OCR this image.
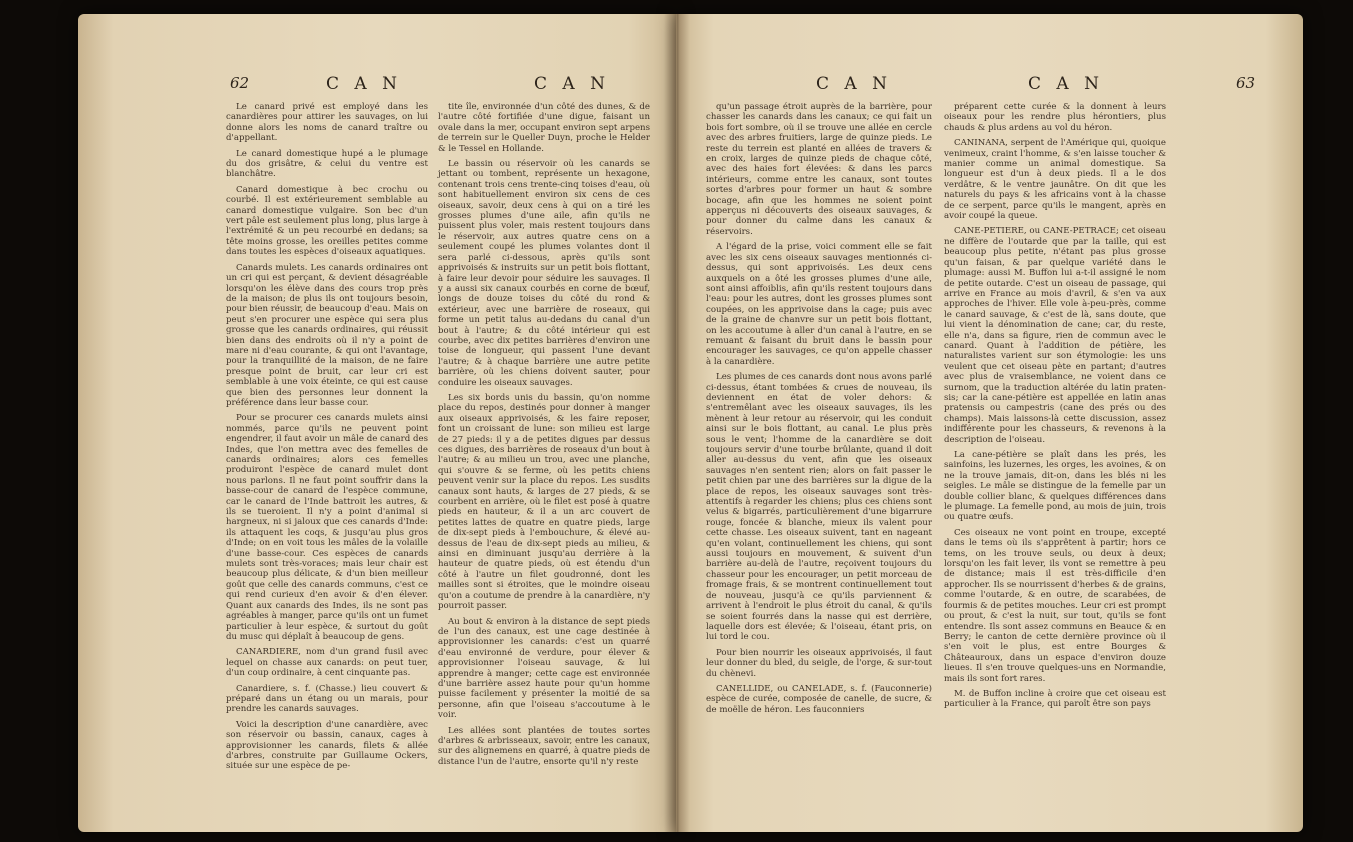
62	C A N	C A N

Le canard privé est employé dans les canardières pour attirer les sauvages, on lui donne alors les noms de canard traître ou d'appellant.

Le canard domestique hupé a le plumage du dos grisâtre, & celui du ventre est blanchâtre.

Canard domestique à bec crochu ou courbé. Il est extérieurement semblable au canard domestique vulgaire. Son bec d'un vert pâle est seulement plus long, plus large à l'extrémité & un peu recourbé en dedans; sa tête moins grosse, les oreilles petites comme dans toutes les espèces d'oiseaux aquatiques.

Canards mulets. Les canards ordinaires ont un cri qui est perçant, & devient désagréable lorsqu'on les élève dans des cours trop près de la maison; de plus ils ont toujours besoin, pour bien réussir, de beaucoup d'eau. Mais on peut s'en procurer une espèce qui sera plus grosse que les canards ordinaires, qui réussit bien dans des endroits où il n'y a point de mare ni d'eau courante, & qui ont l'avantage, pour la tranquillité de la maison, de ne faire presque point de bruit, car leur cri est semblable à une voix éteinte, ce qui est cause que bien des personnes leur donnent la préférence dans leur basse cour.

Pour se procurer ces canards mulets ainsi nommés, parce qu'ils ne peuvent point engendrer, il faut avoir un mâle de canard des Indes, que l'on mettra avec des femelles de canards ordinaires; alors ces femelles produiront l'espèce de canard mulet dont nous parlons. Il ne faut point souffrir dans la basse-cour de canard de l'espèce commune, car le canard de l'Inde battroit les autres, & ils se tueroient. Il n'y a point d'animal si hargneux, ni si jaloux que ces canards d'Inde: ils attaquent les coqs, & jusqu'au plus gros d'Inde; on en voit tous les mâles de la volaille d'une basse-cour. Ces espèces de canards mulets sont très-voraces; mais leur chair est beaucoup plus délicate, & d'un bien meilleur goût que celle des canards communs, c'est ce qui rend curieux d'en avoir & d'en élever. Quant aux canards des Indes, ils ne sont pas agréables à manger, parce qu'ils ont un fumet particulier à leur espèce, & surtout du goût du musc qui déplaît à beaucoup de gens.

CANARDIERE, nom d'un grand fusil avec lequel on chasse aux canards: on peut tuer, d'un coup ordinaire, à cent cinquante pas.

Canardiere, s. f. (Chasse.) lieu couvert & préparé dans un étang ou un marais, pour prendre les canards sauvages.

Voici la description d'une canardière, avec son réservoir ou bassin, canaux, cages à approvisionner les canards, filets & allée d'arbres, construite par Guillaume Ockers, située sur une espèce de pe-

tite île, environnée d'un côté des dunes, & de l'autre côté fortifiée d'une digue, faisant un ovale dans la mer, occupant environ sept arpens de terrein sur le Queller Duyn, proche le Helder & le Tessel en Hollande.

Le bassin ou réservoir où les canards se jettant ou tombent, représente un hexagone, contenant trois cens trente-cinq toises d'eau, où sont habituellement environ six cens de ces oiseaux, savoir, deux cens à qui on a tiré les grosses plumes d'une aile, afin qu'ils ne puissent plus voler, mais restent toujours dans le réservoir, aux autres quatre cens on a seulement coupé les plumes volantes dont il sera parlé ci-dessous, après qu'ils sont apprivoisés & instruits sur un petit bois flottant, à faire leur devoir pour séduire les sauvages. Il y a aussi six canaux courbés en corne de bœuf, longs de douze toises du côté du rond & extérieur, avec une barrière de roseaux, qui forme un petit talus au-dedans du canal d'un bout à l'autre; & du côté intérieur qui est courbe, avec dix petites barrières d'environ une toise de longueur, qui passent l'une devant l'autre; & à chaque barrière une autre petite barrière, où les chiens doivent sauter, pour conduire les oiseaux sauvages.

Les six bords unis du bassin, qu'on nomme place du repos, destinés pour donner à manger aux oiseaux apprivoisés, & les faire reposer, font un croissant de lune: son milieu est large de 27 pieds: il y a de petites digues par dessus ces digues, des barrières de roseaux d'un bout à l'autre; & au milieu un trou, avec une planche, qui s'ouvre & se ferme, où les petits chiens peuvent venir sur la place du repos. Les susdits canaux sont hauts, & larges de 27 pieds, & se courbent en arrière, où le filet est posé à quatre pieds en hauteur, & il a un arc couvert de petites lattes de quatre en quatre pieds, large de dix-sept pieds à l'embouchure, & élevé au-dessus de l'eau de dix-sept pieds au milieu, & ainsi en diminuant jusqu'au derrière à la hauteur de quatre pieds, où est étendu d'un côté à l'autre un filet goudronné, dont les mailles sont si étroites, que le moindre oiseau qu'on a coutume de prendre à la canardière, n'y pourroit passer.

Au bout & environ à la distance de sept pieds de l'un des canaux, est une cage destinée à approvisionner les canards: c'est un quarré d'eau environné de verdure, pour élever & approvisionner l'oiseau sauvage, & lui apprendre à manger; cette cage est environnée d'une barrière assez haute pour qu'un homme puisse facilement y présenter la moitié de sa personne, afin que l'oiseau s'accoutume à le voir.

Les allées sont plantées de toutes sortes d'arbres & arbrisseaux, savoir, entre les canaux, sur des alignemens en quarré, à quatre pieds de distance l'un de l'autre, ensorte qu'il n'y reste

C A N	C A N	63

qu'un passage étroit auprès de la barrière, pour chasser les canards dans les canaux; ce qui fait un bois fort sombre, où il se trouve une allée en cercle avec des arbres fruitiers, large de quinze pieds. Le reste du terrein est planté en allées de travers & en croix, larges de quinze pieds de chaque côté, avec des haies fort élevées: & dans les parcs intérieurs, comme entre les canaux, sont toutes sortes d'arbres pour former un haut & sombre bocage, afin que les hommes ne soient point apperçus ni découverts des oiseaux sauvages, & pour donner du calme dans les canaux & réservoirs.

A l'égard de la prise, voici comment elle se fait avec les six cens oiseaux sauvages mentionnés ci-dessus, qui sont apprivoisés. Les deux cens auxquels on a ôté les grosses plumes d'une aile, sont ainsi affoiblis, afin qu'ils restent toujours dans l'eau: pour les autres, dont les grosses plumes sont coupées, on les apprivoise dans la cage; puis avec de la graine de chanvre sur un petit bois flottant, on les accoutume à aller d'un canal à l'autre, en se remuant & faisant du bruit dans le bassin pour encourager les sauvages, ce qu'on appelle chasser à la canardière.

Les plumes de ces canards dont nous avons parlé ci-dessus, étant tombées & crues de nouveau, ils deviennent en état de voler dehors: & s'entremêlant avec les oiseaux sauvages, ils les mènent à leur retour au réservoir, qui les conduit ainsi sur le bois flottant, au canal. Le plus près sous le vent; l'homme de la canardière se doit toujours servir d'une tourbe brûlante, quand il doit aller au-dessus du vent, afin que les oiseaux sauvages n'en sentent rien; alors on fait passer le petit chien par une des barrières sur la digue de la place de repos, les oiseaux sauvages sont très-attentifs à regarder les chiens; plus ces chiens sont velus & bigarrés, particulièrement d'une bigarrure rouge, foncée & blanche, mieux ils valent pour cette chasse. Les oiseaux suivent, tant en nageant qu'en volant, continuellement les chiens, qui sont aussi toujours en mouvement, & suivent d'un barrière au-delà de l'autre, reçoivent toujours du chasseur pour les encourager, un petit morceau de fromage frais, & se montrent continuellement tout de nouveau, jusqu'à ce qu'ils parviennent & arrivent à l'endroit le plus étroit du canal, & qu'ils se soient fourrés dans la nasse qui est derrière, laquelle dors est élevée; & l'oiseau, étant pris, on lui tord le cou.

Pour bien nourrir les oiseaux apprivoisés, il faut leur donner du bled, du seigle, de l'orge, & sur-tout du chènevi.

CANELLIDE, ou CANELADE, s. f. (Fauconnerie) espèce de curée, composée de canelle, de sucre, & de moëlle de héron. Les fauconniers

préparent cette curée & la donnent à leurs oiseaux pour les rendre plus hérontiers, plus chauds & plus ardens au vol du héron.

CANINANA, serpent de l'Amérique qui, quoique venimeux, craint l'homme, & s'en laisse toucher & manier comme un animal domestique. Sa longueur est d'un à deux pieds. Il a le dos verdâtre, & le ventre jaunâtre. On dit que les naturels du pays & les africains vont à la chasse de ce serpent, parce qu'ils le mangent, après en avoir coupé la queue.

CANE-PETIERE, ou CANE-PETRACE; cet oiseau ne diffère de l'outarde que par la taille, qui est beaucoup plus petite, n'étant pas plus grosse qu'un faisan, & par quelque variété dans le plumage: aussi M. Buffon lui a-t-il assigné le nom de petite outarde. C'est un oiseau de passage, qui arrive en France au mois d'avril, & s'en va aux approches de l'hiver. Elle vole à-peu-près, comme le canard sauvage, & c'est de là, sans doute, que lui vient la dénomination de cane; car, du reste, elle n'a, dans sa figure, rien de commun avec le canard. Quant à l'addition de pétière, les naturalistes varient sur son étymologie: les uns veulent que cet oiseau pète en partant; d'autres avec plus de vraisemblance, ne voient dans ce surnom, que la traduction altérée du latin praten-sis; car la cane-pétière est appellée en latin anas pratensis ou campestris (cane des prés ou des champs). Mais laissons-là cette discussion, assez indifférente pour les chasseurs, & revenons à la description de l'oiseau.

La cane-pétière se plaît dans les prés, les sainfoins, les luzernes, les orges, les avoines, & on ne la trouve jamais, dit-on, dans les blés ni les seigles. Le mâle se distingue de la femelle par un double collier blanc, & quelques différences dans le plumage. La femelle pond, au mois de juin, trois ou quatre œufs.

Ces oiseaux ne vont point en troupe, excepté dans le tems où ils s'apprêtent à partir; hors ce tems, on les trouve seuls, ou deux à deux; lorsqu'on les fait lever, ils vont se remettre à peu de distance; mais il est très-difficile d'en approcher. Ils se nourrissent d'herbes & de grains, comme l'outarde, & en outre, de scarabées, de fourmis & de petites mouches. Leur cri est prompt ou prout, & c'est la nuit, sur tout, qu'ils se font entendre. Ils sont assez communs en Beauce & en Berry; le canton de cette dernière province où il s'en voit le plus, est entre Bourges & Châteauroux, dans un espace d'environ douze lieues. Il s'en trouve quelques-uns en Normandie, mais ils sont fort rares.

M. de Buffon incline à croire que cet oiseau est particulier à la France, qui paroît être son pays
